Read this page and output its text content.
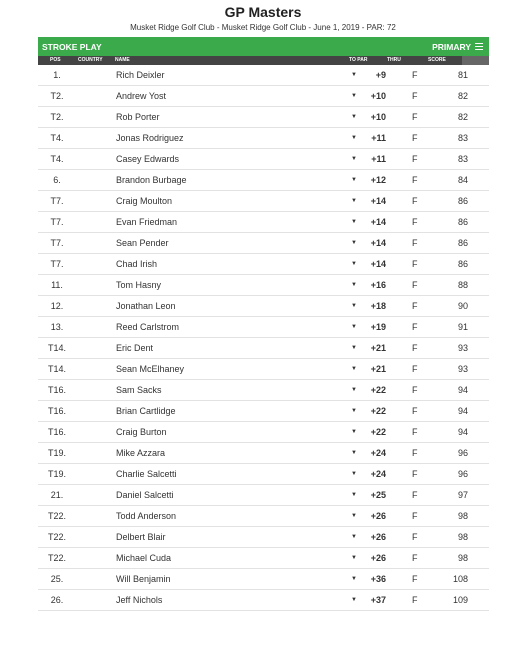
GP Masters
Musket Ridge Golf Club - Musket Ridge Golf Club - June 1, 2019 - PAR: 72
STROKE PLAY	PRIMARY
POS	COUNTRY NAME	TO PAR	THRU	SCORE
1.	Rich Deixler	▼	+9	F	81
T2.	Andrew Yost	▼	+10	F	82
T2.	Rob Porter	▼	+10	F	82
T4.	Jonas Rodriguez	▼	+11	F	83
T4.	Casey Edwards	▼	+11	F	83
6.	Brandon Burbage	▼	+12	F	84
T7.	Craig Moulton	▼	+14	F	86
T7.	Evan Friedman	▼	+14	F	86
T7.	Sean Pender	▼	+14	F	86
T7.	Chad Irish	▼	+14	F	86
11.	Tom Hasny	▼	+16	F	88
12.	Jonathan Leon	▼	+18	F	90
13.	Reed Carlstrom	▼	+19	F	91
T14.	Eric Dent	▼	+21	F	93
T14.	Sean McElhaney	▼	+21	F	93
T16.	Sam Sacks	▼	+22	F	94
T16.	Brian Cartlidge	▼	+22	F	94
T16.	Craig Burton	▼	+22	F	94
T19.	Mike Azzara	▼	+24	F	96
T19.	Charlie Salcetti	▼	+24	F	96
21.	Daniel Salcetti	▼	+25	F	97
T22.	Todd Anderson	▼	+26	F	98
T22.	Delbert Blair	▼	+26	F	98
T22.	Michael Cuda	▼	+26	F	98
25.	Will Benjamin	▼	+36	F	108
26.	Jeff Nichols	▼	+37	F	109
